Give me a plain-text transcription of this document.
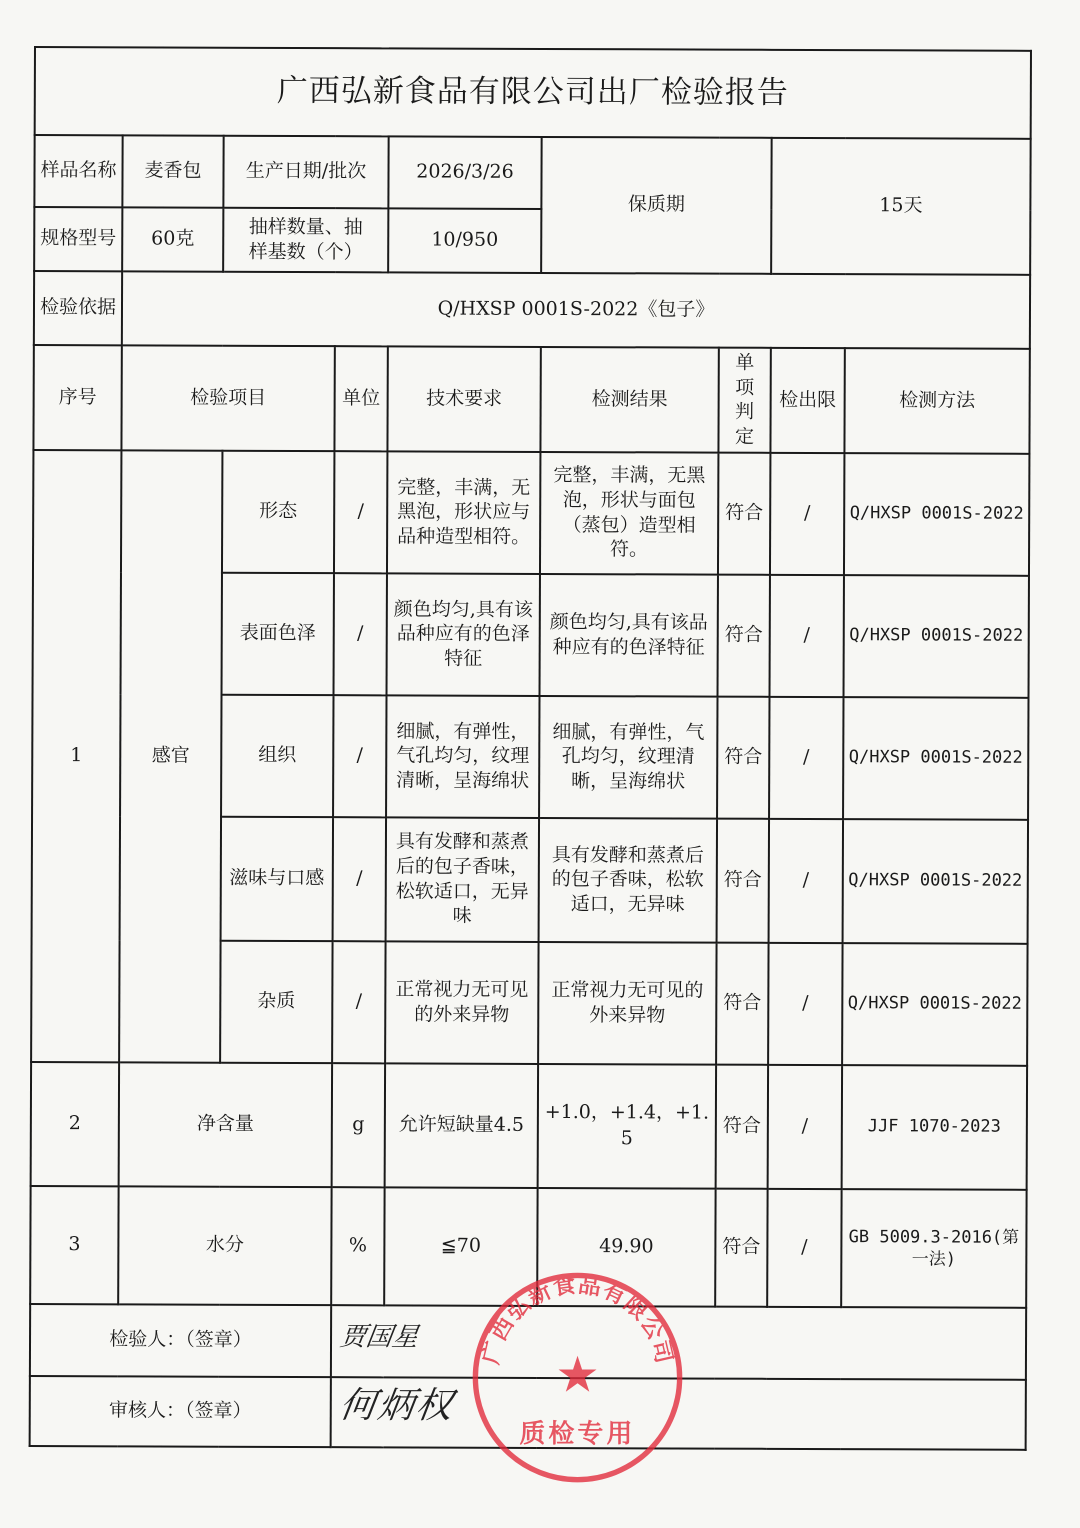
广西弘新食品有限公司出厂检验报告								
样品名称	麦香包	生产日期/批次		2026/3/26	保质期		15天	
规格型号	60克	抽样数量、抽样基数（个）		10/950				
检验依据	Q/HXSP 0001S-2022《包子》							
序号	检验项目		单位	技术要求	检测结果	单项判定	检出限	检测方法
1	感官	形态	/	完整，丰满，无黑泡，形状应与品种造型相符。	完整，丰满，无黑泡，形状与面包（蒸包）造型相符。	符合	/	Q/HXSP 0001S-2022
		表面色泽	/	颜色均匀,具有该品种应有的色泽特征	颜色均匀,具有该品种应有的色泽特征	符合	/	Q/HXSP 0001S-2022
		组织	/	细腻，有弹性，气孔均匀，纹理清晰，呈海绵状	细腻，有弹性，气孔均匀，纹理清晰，呈海绵状	符合	/	Q/HXSP 0001S-2022
		滋味与口感	/	具有发酵和蒸煮后的包子香味，松软适口，无异味	具有发酵和蒸煮后的包子香味，松软适口，无异味	符合	/	Q/HXSP 0001S-2022
		杂质	/	正常视力无可见的外来异物	正常视力无可见的外来异物	符合	/	Q/HXSP 0001S-2022
2	净含量		g	允许短缺量4.5	+1.0，+1.4，+1.5	符合	/	JJF 1070-2023
3	水分		%	≦70	49.90	符合	/	GB 5009.3-2016(第一法)
检验人：（签章）			贾国星					

审核人：（签章）			何炳权					
广西弘新食品有限公司
★
质检专用
